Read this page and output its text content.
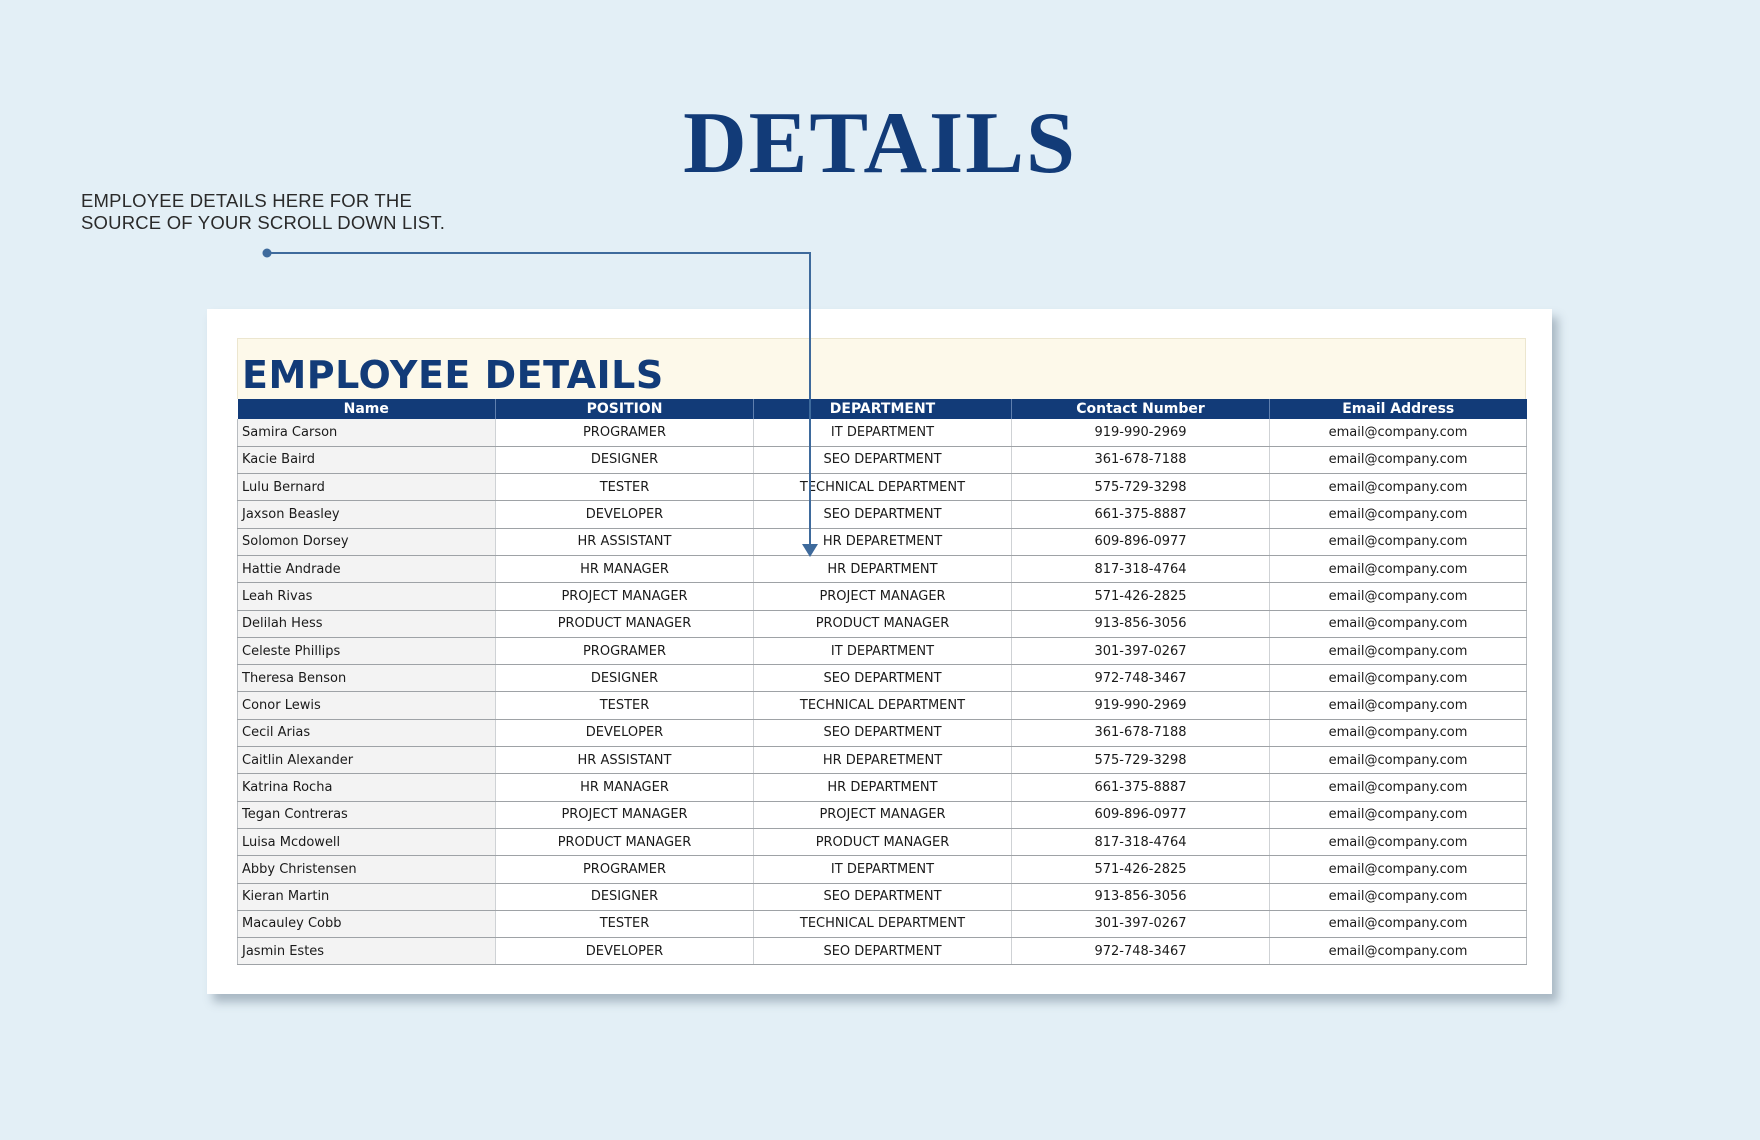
DETAILS
EMPLOYEE DETAILS HERE FOR THE
SOURCE OF YOUR SCROLL DOWN LIST.
EMPLOYEE DETAILS
Name	POSITION	DEPARTMENT	Contact Number	Email Address
Samira Carson	PROGRAMER	IT DEPARTMENT	919-990-2969	email@company.com
Kacie Baird	DESIGNER	SEO DEPARTMENT	361-678-7188	email@company.com
Lulu Bernard	TESTER	TECHNICAL DEPARTMENT	575-729-3298	email@company.com
Jaxson Beasley	DEVELOPER	SEO DEPARTMENT	661-375-8887	email@company.com
Solomon Dorsey	HR ASSISTANT	HR DEPARETMENT	609-896-0977	email@company.com
Hattie Andrade	HR MANAGER	HR DEPARTMENT	817-318-4764	email@company.com
Leah Rivas	PROJECT MANAGER	PROJECT MANAGER	571-426-2825	email@company.com
Delilah Hess	PRODUCT MANAGER	PRODUCT MANAGER	913-856-3056	email@company.com
Celeste Phillips	PROGRAMER	IT DEPARTMENT	301-397-0267	email@company.com
Theresa Benson	DESIGNER	SEO DEPARTMENT	972-748-3467	email@company.com
Conor Lewis	TESTER	TECHNICAL DEPARTMENT	919-990-2969	email@company.com
Cecil Arias	DEVELOPER	SEO DEPARTMENT	361-678-7188	email@company.com
Caitlin Alexander	HR ASSISTANT	HR DEPARETMENT	575-729-3298	email@company.com
Katrina Rocha	HR MANAGER	HR DEPARTMENT	661-375-8887	email@company.com
Tegan Contreras	PROJECT MANAGER	PROJECT MANAGER	609-896-0977	email@company.com
Luisa Mcdowell	PRODUCT MANAGER	PRODUCT MANAGER	817-318-4764	email@company.com
Abby Christensen	PROGRAMER	IT DEPARTMENT	571-426-2825	email@company.com
Kieran Martin	DESIGNER	SEO DEPARTMENT	913-856-3056	email@company.com
Macauley Cobb	TESTER	TECHNICAL DEPARTMENT	301-397-0267	email@company.com
Jasmin Estes	DEVELOPER	SEO DEPARTMENT	972-748-3467	email@company.com
